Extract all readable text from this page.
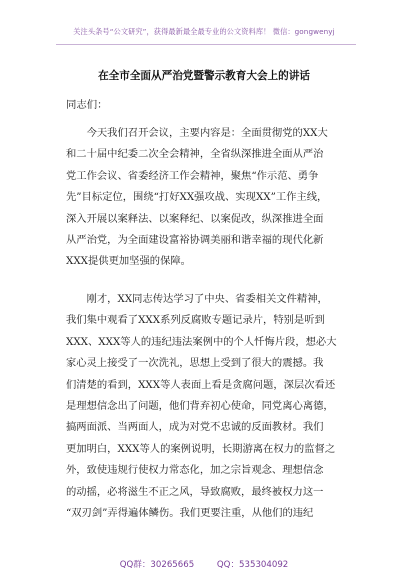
关注头条号“公文研究”，获得最新最全最专业的公文资料库！ 微信：gongwenyj
在全市全面从严治党暨警示教育大会上的讲话
同志们：
　　今天我们召开会议，主要内容是：全面贯彻党的XX大
和二十届中纪委二次全会精神，全省纵深推进全面从严治
党工作会议、省委经济工作会精神，聚焦“作示范、勇争
先”目标定位，围绕“打好XX强攻战、实现XX”工作主线，
深入开展以案释法、以案释纪、以案促改，纵深推进全面
从严治党，为全面建设富裕协调美丽和谐幸福的现代化新
XXX提供更加坚强的保障。
　　刚才，XX同志传达学习了中央、省委相关文件精神，
我们集中观看了XXX系列反腐败专题记录片，特别是听到
XXX、XXX等人的违纪违法案例中的个人忏悔片段，想必大
家心灵上接受了一次洗礼，思想上受到了很大的震撼。我
们清楚的看到，XXX等人表面上看是贪腐问题，深层次看还
是理想信念出了问题，他们背弃初心使命，同党离心离德，
搞两面派、当两面人，成为对党不忠诚的反面教材。我们
更加明白，XXX等人的案例说明，长期游离在权力的监督之
外，致使违规行使权力常态化，加之宗旨观念、理想信念
的动摇，必将滋生不正之风，导致腐败，最终被权力这一
“双刃剑”弄得遍体鳞伤。我们更要注重，从他们的违纪
QQ群：30265665	QQ：535304092
